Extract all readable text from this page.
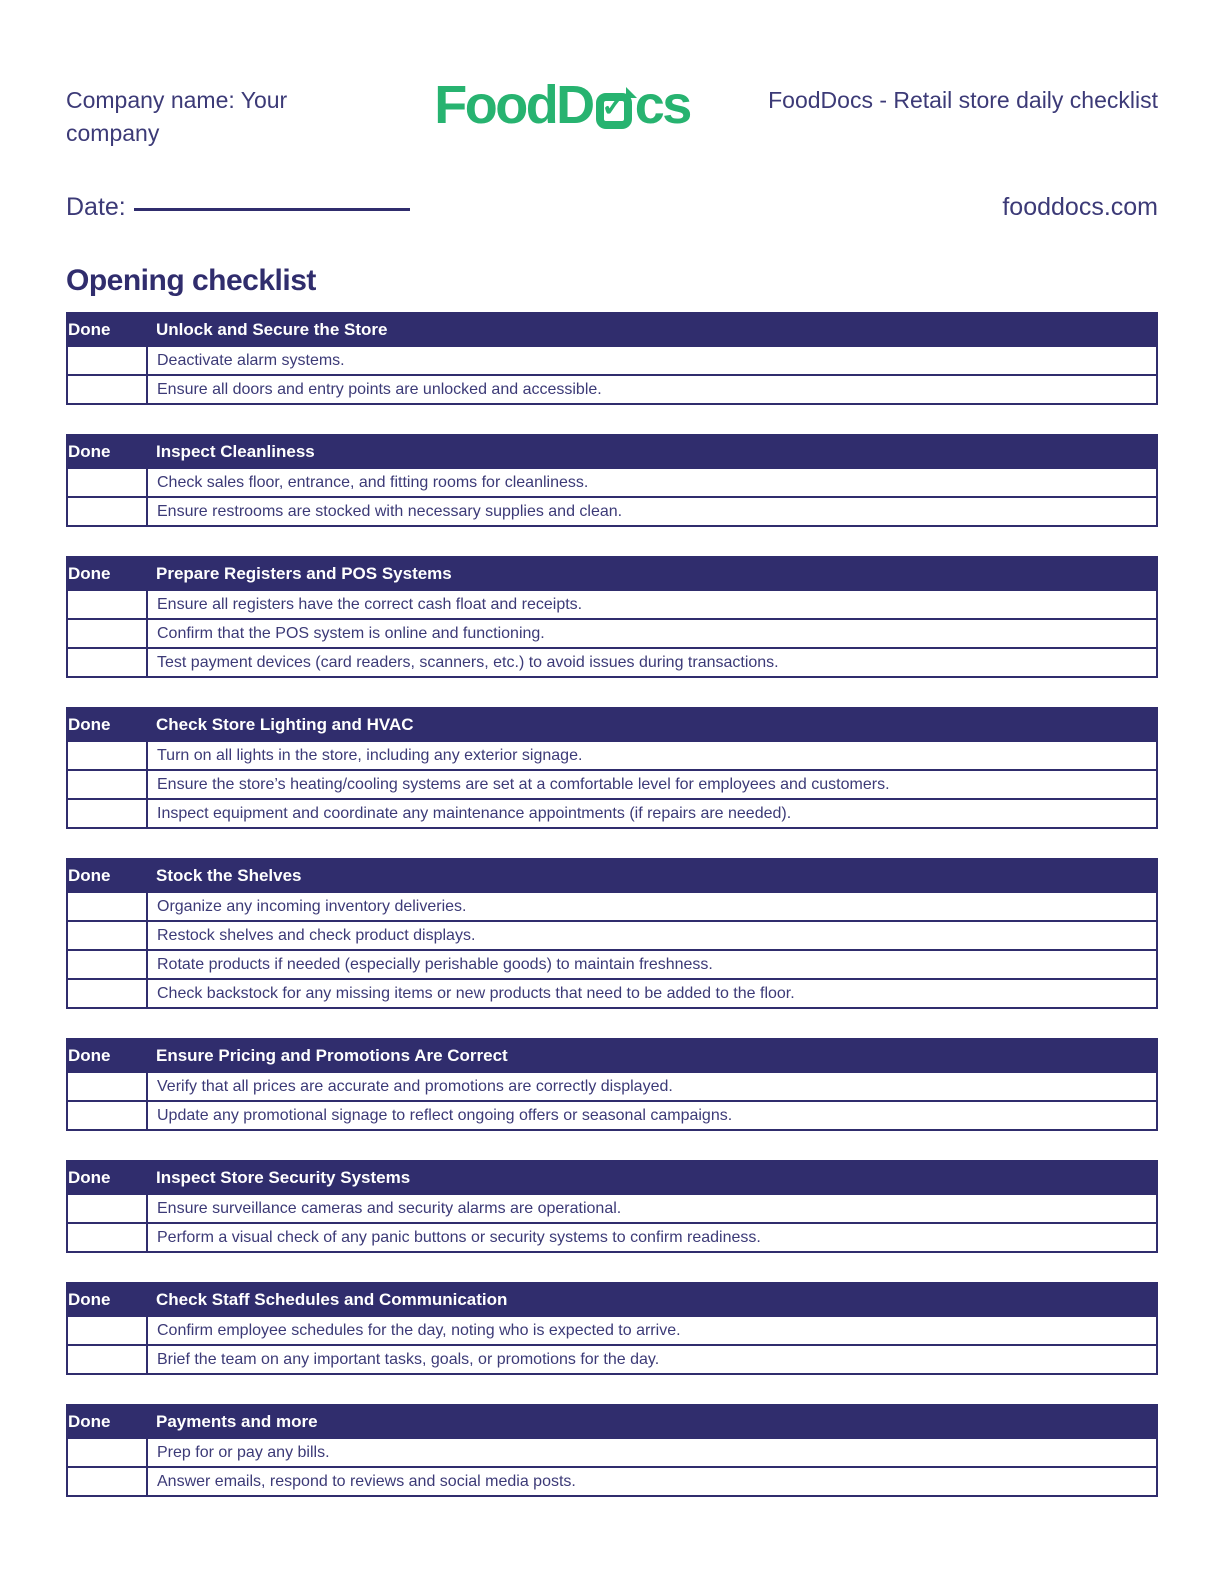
Company name: Your company	FoodD ✓ cs	FoodDocs - Retail store daily checklist
Date:	fooddocs.com
Opening checklist
Done	Unlock and Secure the Store
	Deactivate alarm systems.
	Ensure all doors and entry points are unlocked and accessible.
Done	Inspect Cleanliness
	Check sales floor, entrance, and fitting rooms for cleanliness.
	Ensure restrooms are stocked with necessary supplies and clean.
Done	Prepare Registers and POS Systems
	Ensure all registers have the correct cash float and receipts.
	Confirm that the POS system is online and functioning.
	Test payment devices (card readers, scanners, etc.) to avoid issues during transactions.
Done	Check Store Lighting and HVAC
	Turn on all lights in the store, including any exterior signage.
	Ensure the store’s heating/cooling systems are set at a comfortable level for employees and customers.
	Inspect equipment and coordinate any maintenance appointments (if repairs are needed).
Done	Stock the Shelves
	Organize any incoming inventory deliveries.
	Restock shelves and check product displays.
	Rotate products if needed (especially perishable goods) to maintain freshness.
	Check backstock for any missing items or new products that need to be added to the floor.
Done	Ensure Pricing and Promotions Are Correct
	Verify that all prices are accurate and promotions are correctly displayed.
	Update any promotional signage to reflect ongoing offers or seasonal campaigns.
Done	Inspect Store Security Systems
	Ensure surveillance cameras and security alarms are operational.
	Perform a visual check of any panic buttons or security systems to confirm readiness.
Done	Check Staff Schedules and Communication
	Confirm employee schedules for the day, noting who is expected to arrive.
	Brief the team on any important tasks, goals, or promotions for the day.
Done	Payments and more
	Prep for or pay any bills.
	Answer emails, respond to reviews and social media posts.
